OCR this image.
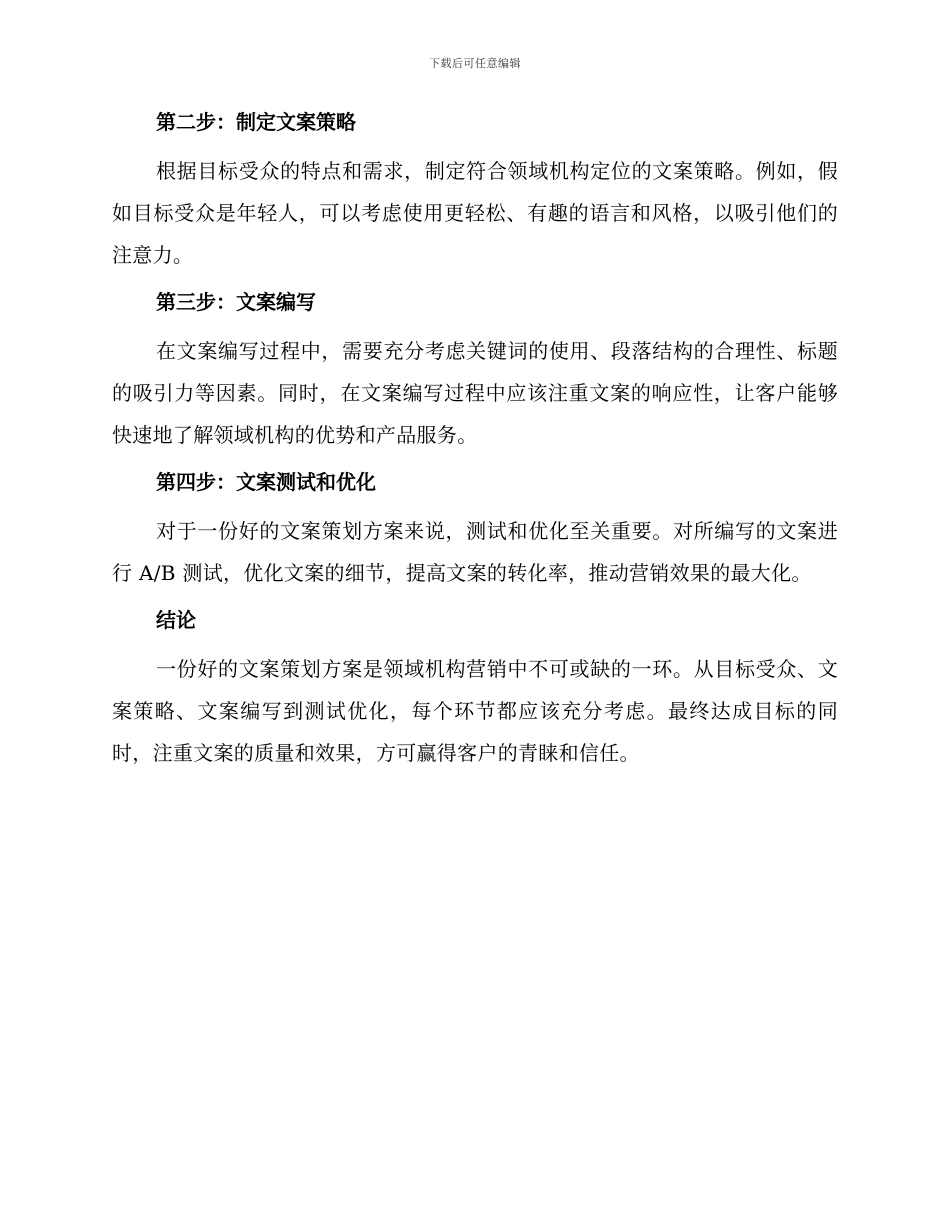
下载后可任意编辑
第二步：制定文案策略

根据目标受众的特点和需求，制定符合领域机构定位的文案策略。例如，假如目标受众是年轻人，可以考虑使用更轻松、有趣的语言和风格，以吸引他们的注意力。

第三步：文案编写

在文案编写过程中，需要充分考虑关键词的使用、段落结构的合理性、标题的吸引力等因素。同时，在文案编写过程中应该注重文案的响应性，让客户能够快速地了解领域机构的优势和产品服务。

第四步：文案测试和优化

对于一份好的文案策划方案来说，测试和优化至关重要。对所编写的文案进行 A/B 测试，优化文案的细节，提高文案的转化率，推动营销效果的最大化。

结论

一份好的文案策划方案是领域机构营销中不可或缺的一环。从目标受众、文案策略、文案编写到测试优化，每个环节都应该充分考虑。最终达成目标的同时，注重文案的质量和效果，方可赢得客户的青睐和信任。
